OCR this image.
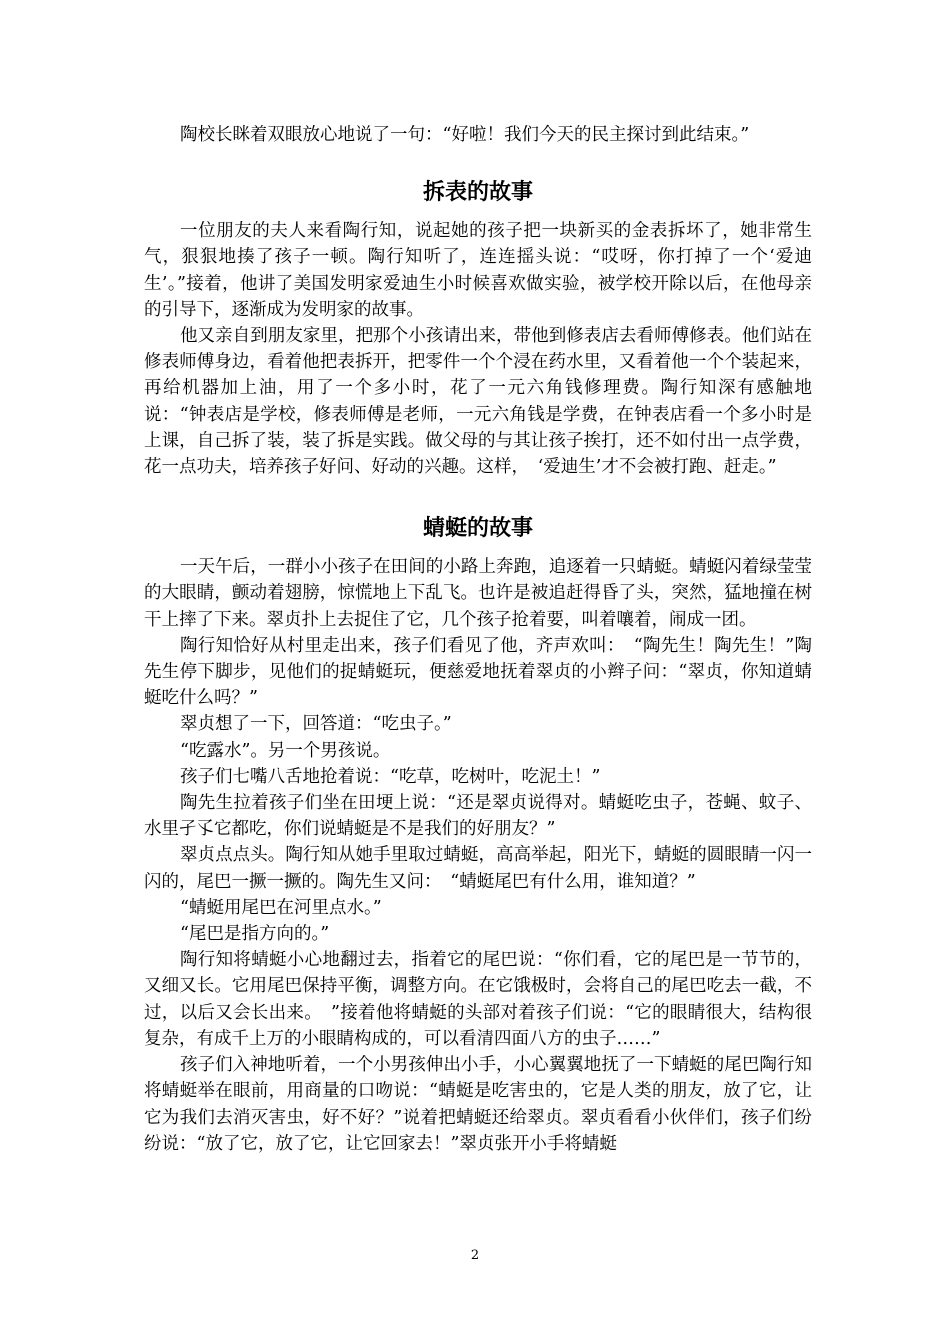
陶校长眯着双眼放心地说了一句：“好啦！我们今天的民主探讨到此结束。”

拆表的故事

一位朋友的夫人来看陶行知，说起她的孩子把一块新买的金表拆坏了，她非常生气，狠狠地揍了孩子一顿。陶行知听了，连连摇头说：“哎呀，你打掉了一个‘爱迪生’。”接着，他讲了美国发明家爱迪生小时候喜欢做实验，被学校开除以后，在他母亲的引导下，逐渐成为发明家的故事。

他又亲自到朋友家里，把那个小孩请出来，带他到修表店去看师傅修表。他们站在修表师傅身边，看着他把表拆开，把零件一个个浸在药水里，又看着他一个个装起来，再给机器加上油，用了一个多小时，花了一元六角钱修理费。陶行知深有感触地说：“钟表店是学校，修表师傅是老师，一元六角钱是学费，在钟表店看一个多小时是上课，自己拆了装，装了拆是实践。做父母的与其让孩子挨打，还不如付出一点学费，花一点功夫，培养孩子好问、好动的兴趣。这样，　‘爱迪生’才不会被打跑、赶走。”

蜻蜓的故事

一天午后，一群小小孩子在田间的小路上奔跑，追逐着一只蜻蜓。蜻蜓闪着绿莹莹的大眼睛，颤动着翅膀，惊慌地上下乱飞。也许是被追赶得昏了头，突然，猛地撞在树干上摔了下来。翠贞扑上去捉住了它，几个孩子抢着要，叫着嚷着，闹成一团。

陶行知恰好从村里走出来，孩子们看见了他，齐声欢叫：　“陶先生！陶先生！”陶先生停下脚步，见他们的捉蜻蜓玩，便慈爱地抚着翠贞的小辫子问：“翠贞，你知道蜻蜓吃什么吗？”

翠贞想了一下，回答道：“吃虫子。”

“吃露水”。另一个男孩说。

孩子们七嘴八舌地抢着说：“吃草，吃树叶，吃泥土！”

陶先生拉着孩子们坐在田埂上说：“还是翠贞说得对。蜻蜓吃虫子，苍蝇、蚊子、水里孑孓它都吃，你们说蜻蜓是不是我们的好朋友？”

翠贞点点头。陶行知从她手里取过蜻蜓，高高举起，阳光下，蜻蜓的圆眼睛一闪一闪的，尾巴一撅一撅的。陶先生又问：　“蜻蜓尾巴有什么用，谁知道？”

“蜻蜓用尾巴在河里点水。”

“尾巴是指方向的。”

陶行知将蜻蜓小心地翻过去，指着它的尾巴说：“你们看，它的尾巴是一节节的，又细又长。它用尾巴保持平衡，调整方向。在它饿极时，会将自己的尾巴吃去一截，不过，以后又会长出来。　”接着他将蜻蜓的头部对着孩子们说：“它的眼睛很大，结构很复杂，有成千上万的小眼睛构成的，可以看清四面八方的虫子……”

孩子们入神地听着，一个小男孩伸出小手，小心翼翼地抚了一下蜻蜓的尾巴陶行知将蜻蜓举在眼前，用商量的口吻说：“蜻蜓是吃害虫的，它是人类的朋友，放了它，让它为我们去消灭害虫，好不好？”说着把蜻蜓还给翠贞。翠贞看看小伙伴们，孩子们纷纷说：“放了它，放了它，让它回家去！”翠贞张开小手将蜻蜓

2
